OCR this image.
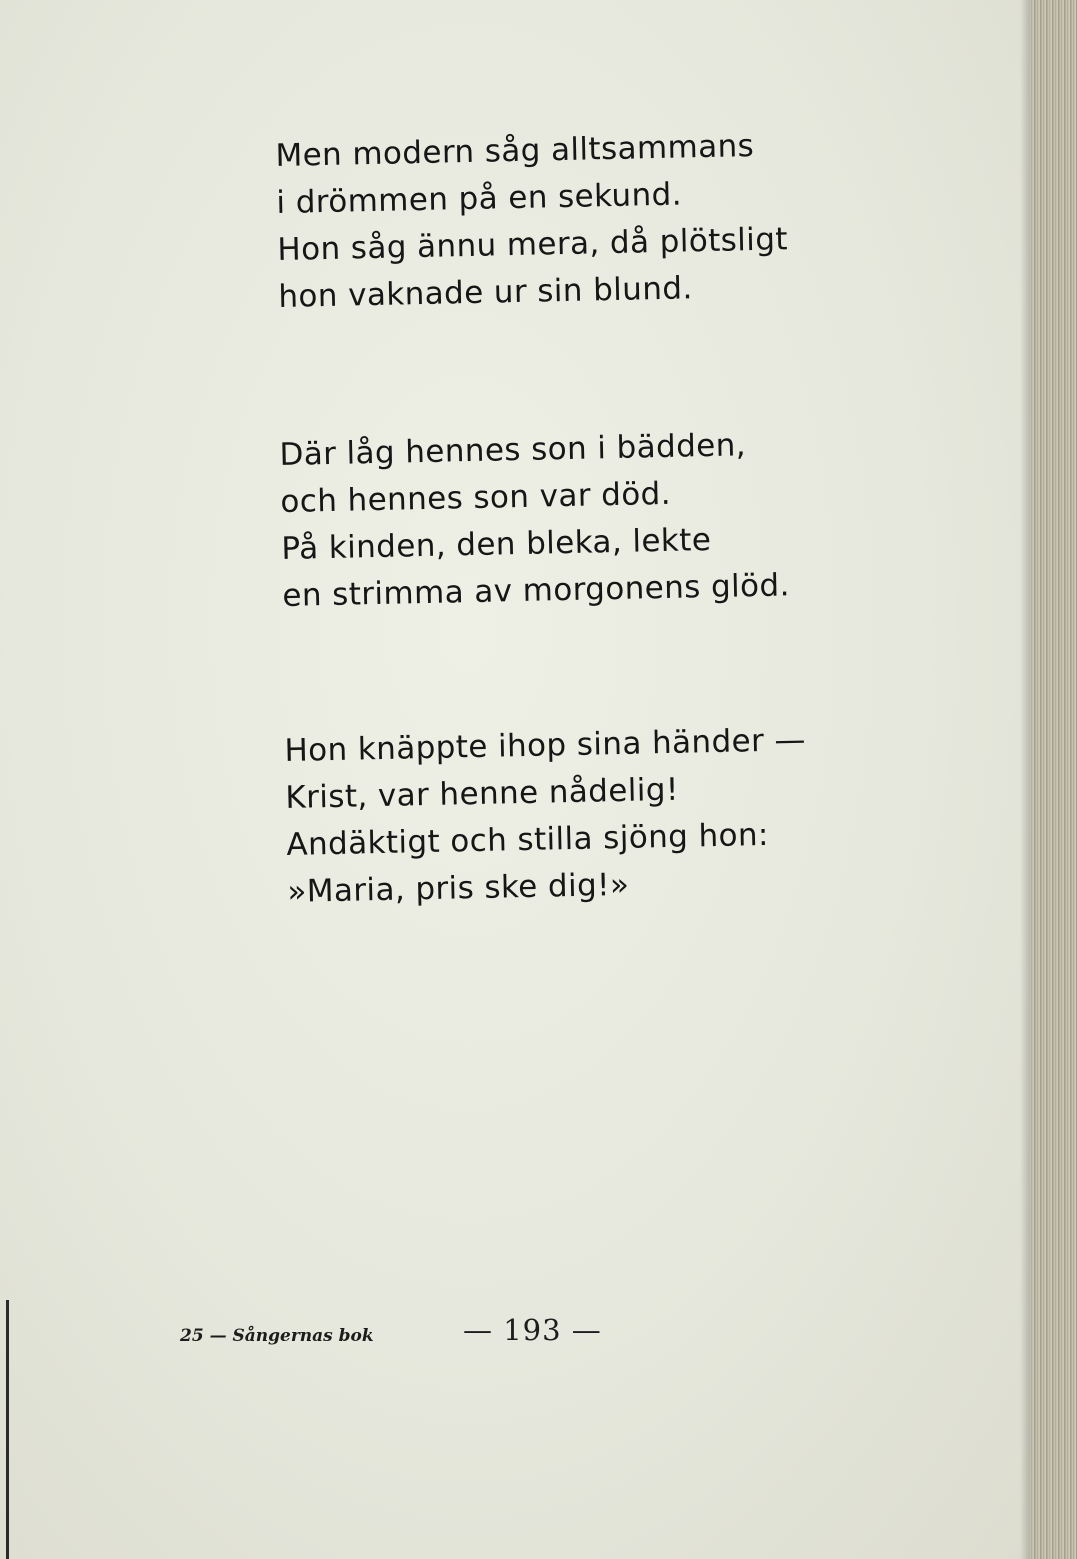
Men modern såg alltsammans
i drömmen på en sekund.
Hon såg ännu mera, då plötsligt
hon vaknade ur sin blund.
Där låg hennes son i bädden,
och hennes son var död.
På kinden, den bleka, lekte
en strimma av morgonens glöd.
Hon knäppte ihop sina händer —
Krist, var henne nådelig!
Andäktigt och stilla sjöng hon:
»Maria, pris ske dig!»
25 — Sångernas bok	— 193 —
